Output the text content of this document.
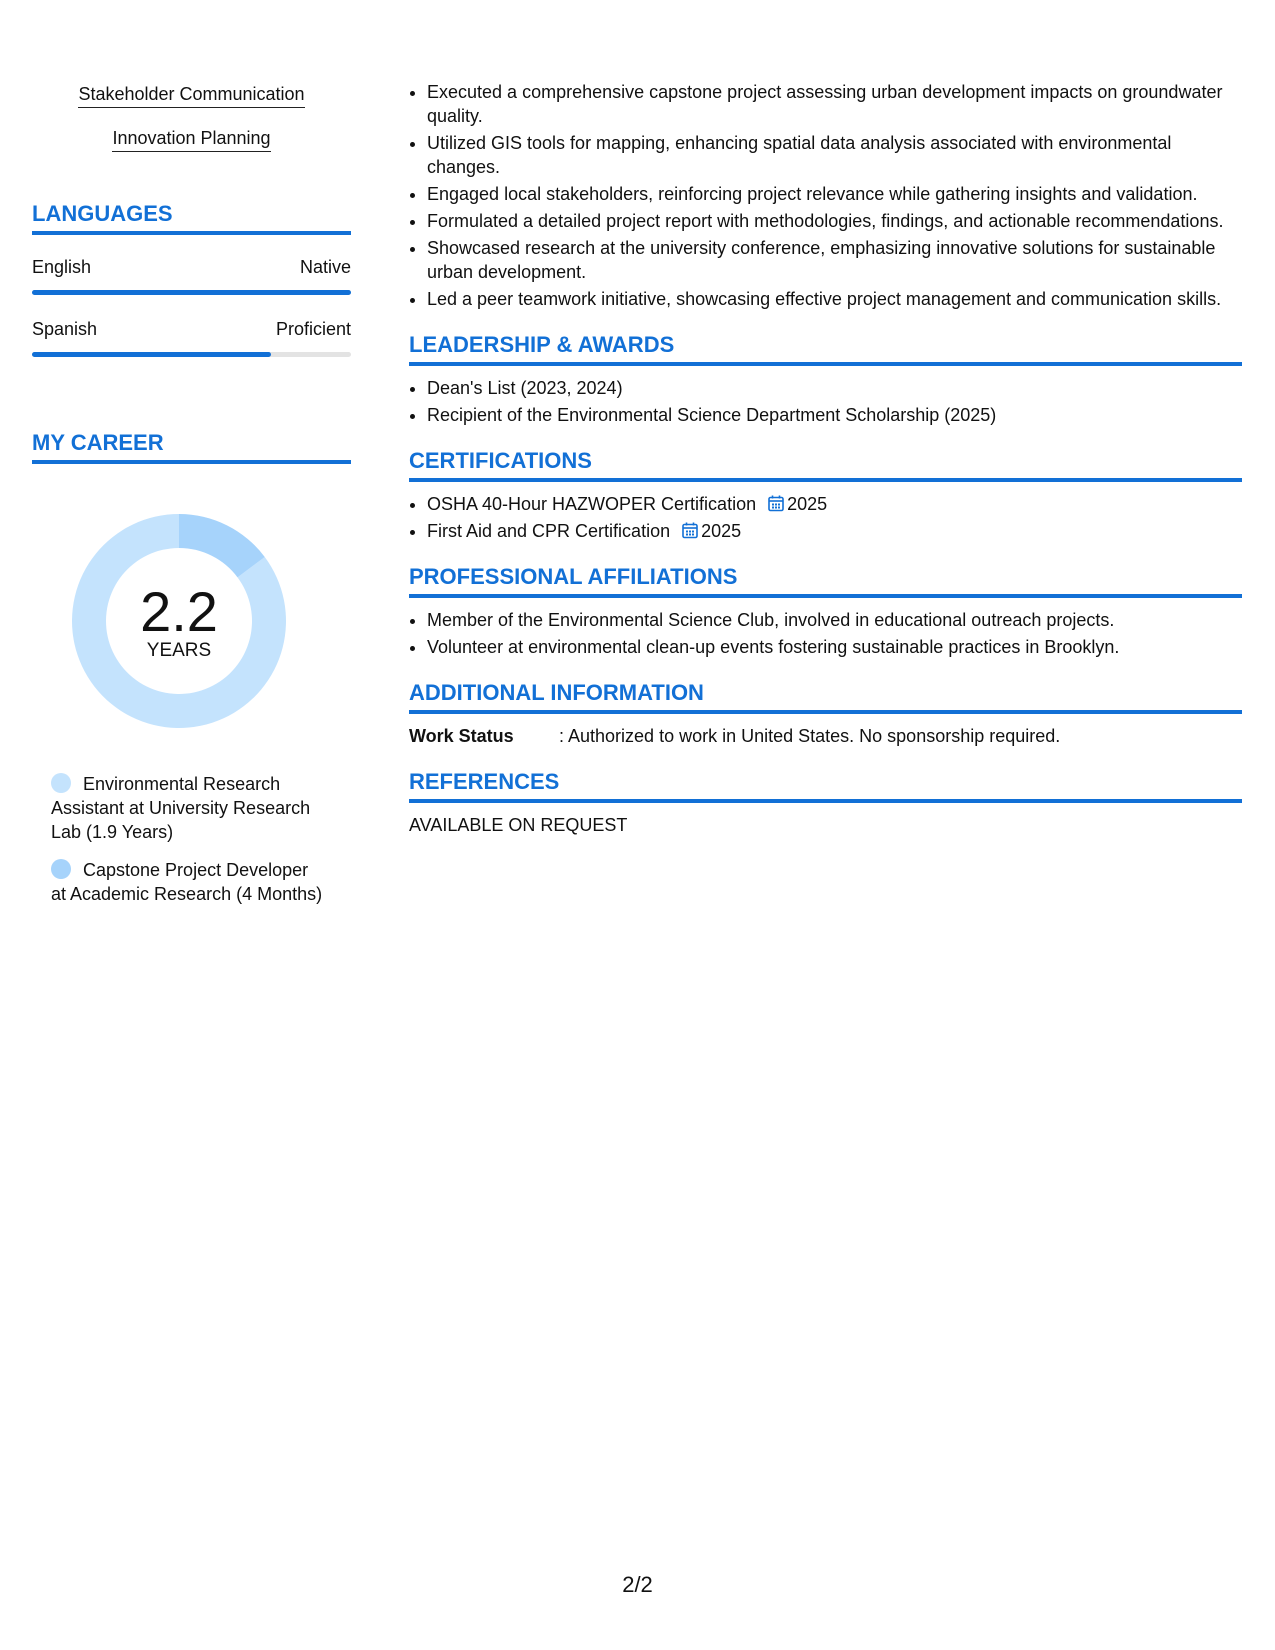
Stakeholder Communication
Innovation Planning
LANGUAGES
English	Native
Spanish	Proficient
MY CAREER
2.2
YEARS
Environmental Research Assistant at University Research Lab (1.9 Years)
Capstone Project Developer at Academic Research (4 Months)
• Executed a comprehensive capstone project assessing urban development impacts on groundwater quality.
• Utilized GIS tools for mapping, enhancing spatial data analysis associated with environmental changes.
• Engaged local stakeholders, reinforcing project relevance while gathering insights and validation.
• Formulated a detailed project report with methodologies, findings, and actionable recommendations.
• Showcased research at the university conference, emphasizing innovative solutions for sustainable urban development.
• Led a peer teamwork initiative, showcasing effective project management and communication skills.
LEADERSHIP & AWARDS
• Dean's List (2023, 2024)
• Recipient of the Environmental Science Department Scholarship (2025)
CERTIFICATIONS
• OSHA 40-Hour HAZWOPER Certification 2025
• First Aid and CPR Certification 2025
PROFESSIONAL AFFILIATIONS
• Member of the Environmental Science Club, involved in educational outreach projects.
• Volunteer at environmental clean-up events fostering sustainable practices in Brooklyn.
ADDITIONAL INFORMATION
Work Status	: Authorized to work in United States. No sponsorship required.
REFERENCES
AVAILABLE ON REQUEST
2/2
